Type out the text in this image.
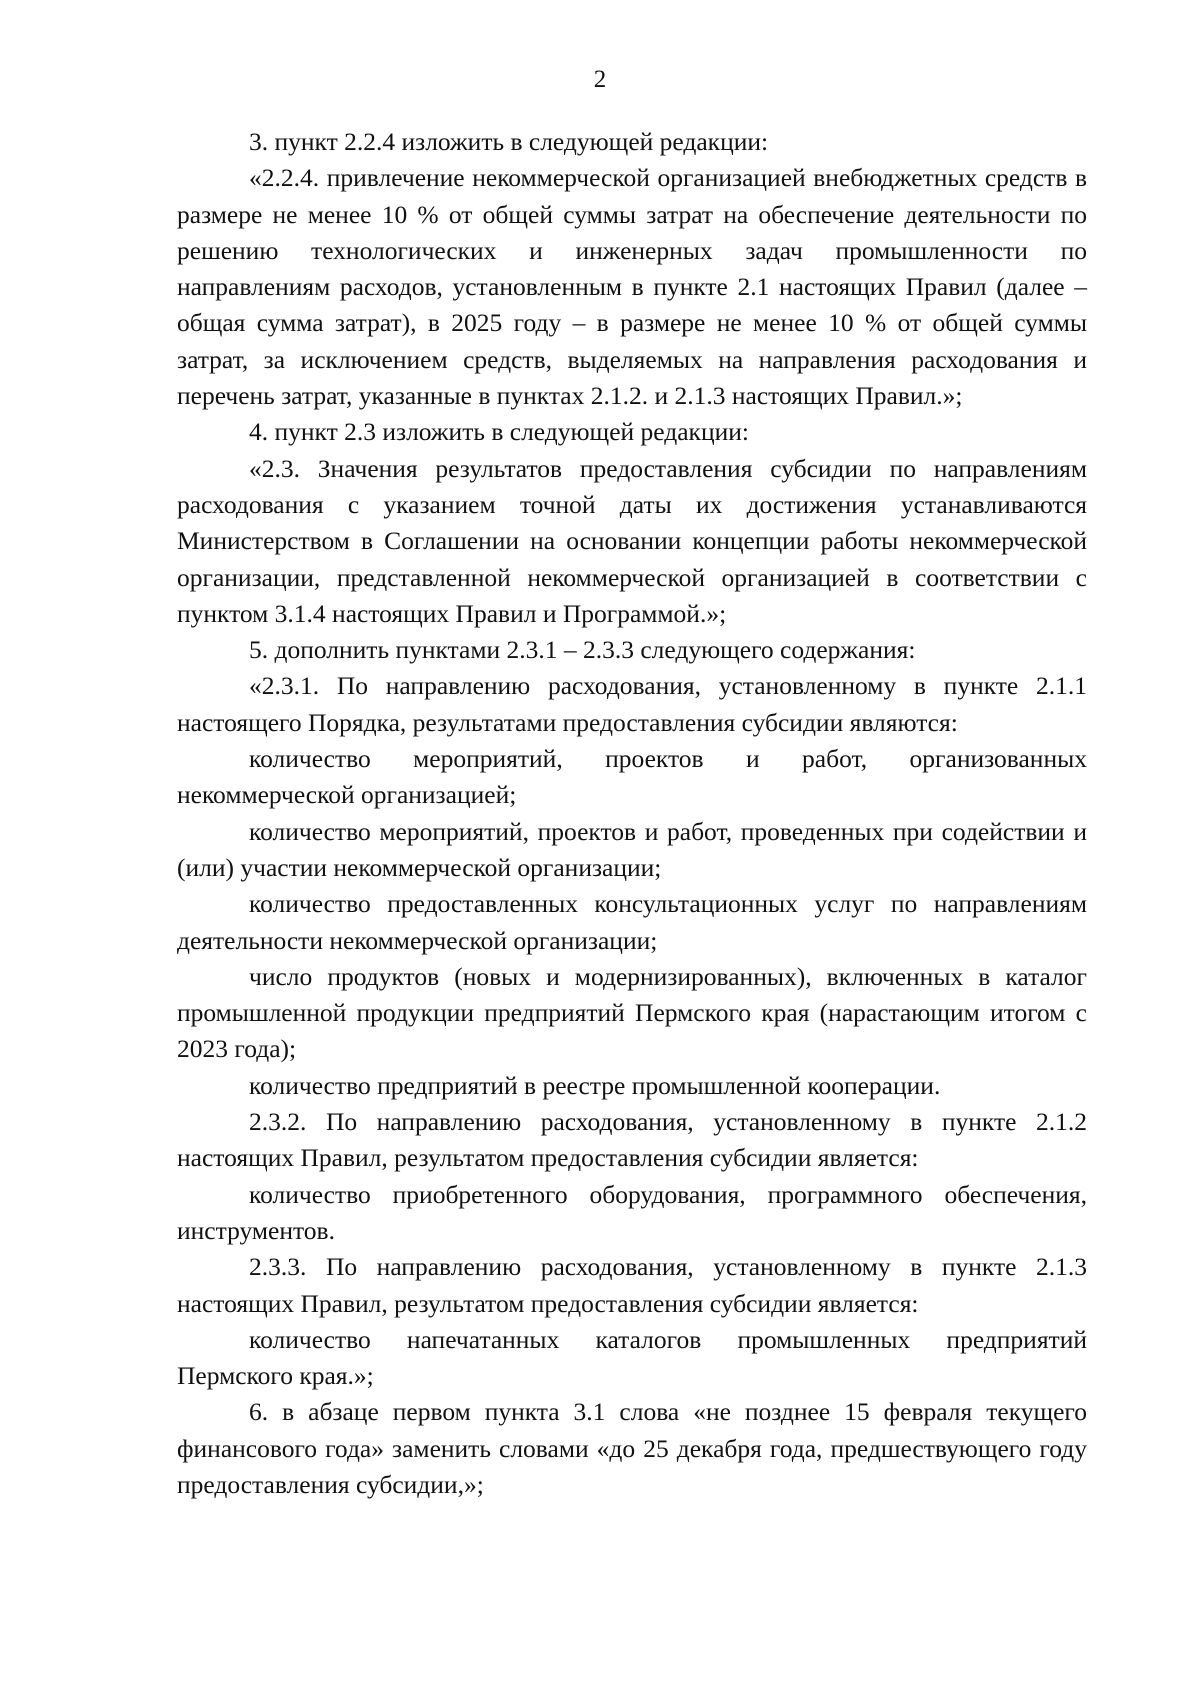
2

3. пункт 2.2.4 изложить в следующей редакции:

«2.2.4. привлечение некоммерческой организацией внебюджетных средств в размере не менее 10 % от общей суммы затрат на обеспечение деятельности по решению технологических и инженерных задач промышленности по направлениям расходов, установленным в пункте 2.1 настоящих Правил (далее – общая сумма затрат), в 2025 году – в размере не менее 10 % от общей суммы затрат, за исключением средств, выделяемых на направления расходования и перечень затрат, указанные в пунктах 2.1.2. и 2.1.3 настоящих Правил.»;

4. пункт 2.3 изложить в следующей редакции:

«2.3. Значения результатов предоставления субсидии по направлениям расходования с указанием точной даты их достижения устанавливаются Министерством в Соглашении на основании концепции работы некоммерческой организации, представленной некоммерческой организацией в соответствии с пунктом 3.1.4 настоящих Правил и Программой.»;

5. дополнить пунктами 2.3.1 – 2.3.3 следующего содержания:

«2.3.1. По направлению расходования, установленному в пункте 2.1.1 настоящего Порядка, результатами предоставления субсидии являются:

количество мероприятий, проектов и работ, организованных некоммерческой организацией;

количество мероприятий, проектов и работ, проведенных при содействии и (или) участии некоммерческой организации;

количество предоставленных консультационных услуг по направлениям деятельности некоммерческой организации;

число продуктов (новых и модернизированных), включенных в каталог промышленной продукции предприятий Пермского края (нарастающим итогом с 2023 года);

количество предприятий в реестре промышленной кооперации.

2.3.2. По направлению расходования, установленному в пункте 2.1.2 настоящих Правил, результатом предоставления субсидии является:

количество приобретенного оборудования, программного обеспечения, инструментов.

2.3.3. По направлению расходования, установленному в пункте 2.1.3 настоящих Правил, результатом предоставления субсидии является:

количество напечатанных каталогов промышленных предприятий Пермского края.»;

6. в абзаце первом пункта 3.1 слова «не позднее 15 февраля текущего финансового года» заменить словами «до 25 декабря года, предшествующего году предоставления субсидии,»;
